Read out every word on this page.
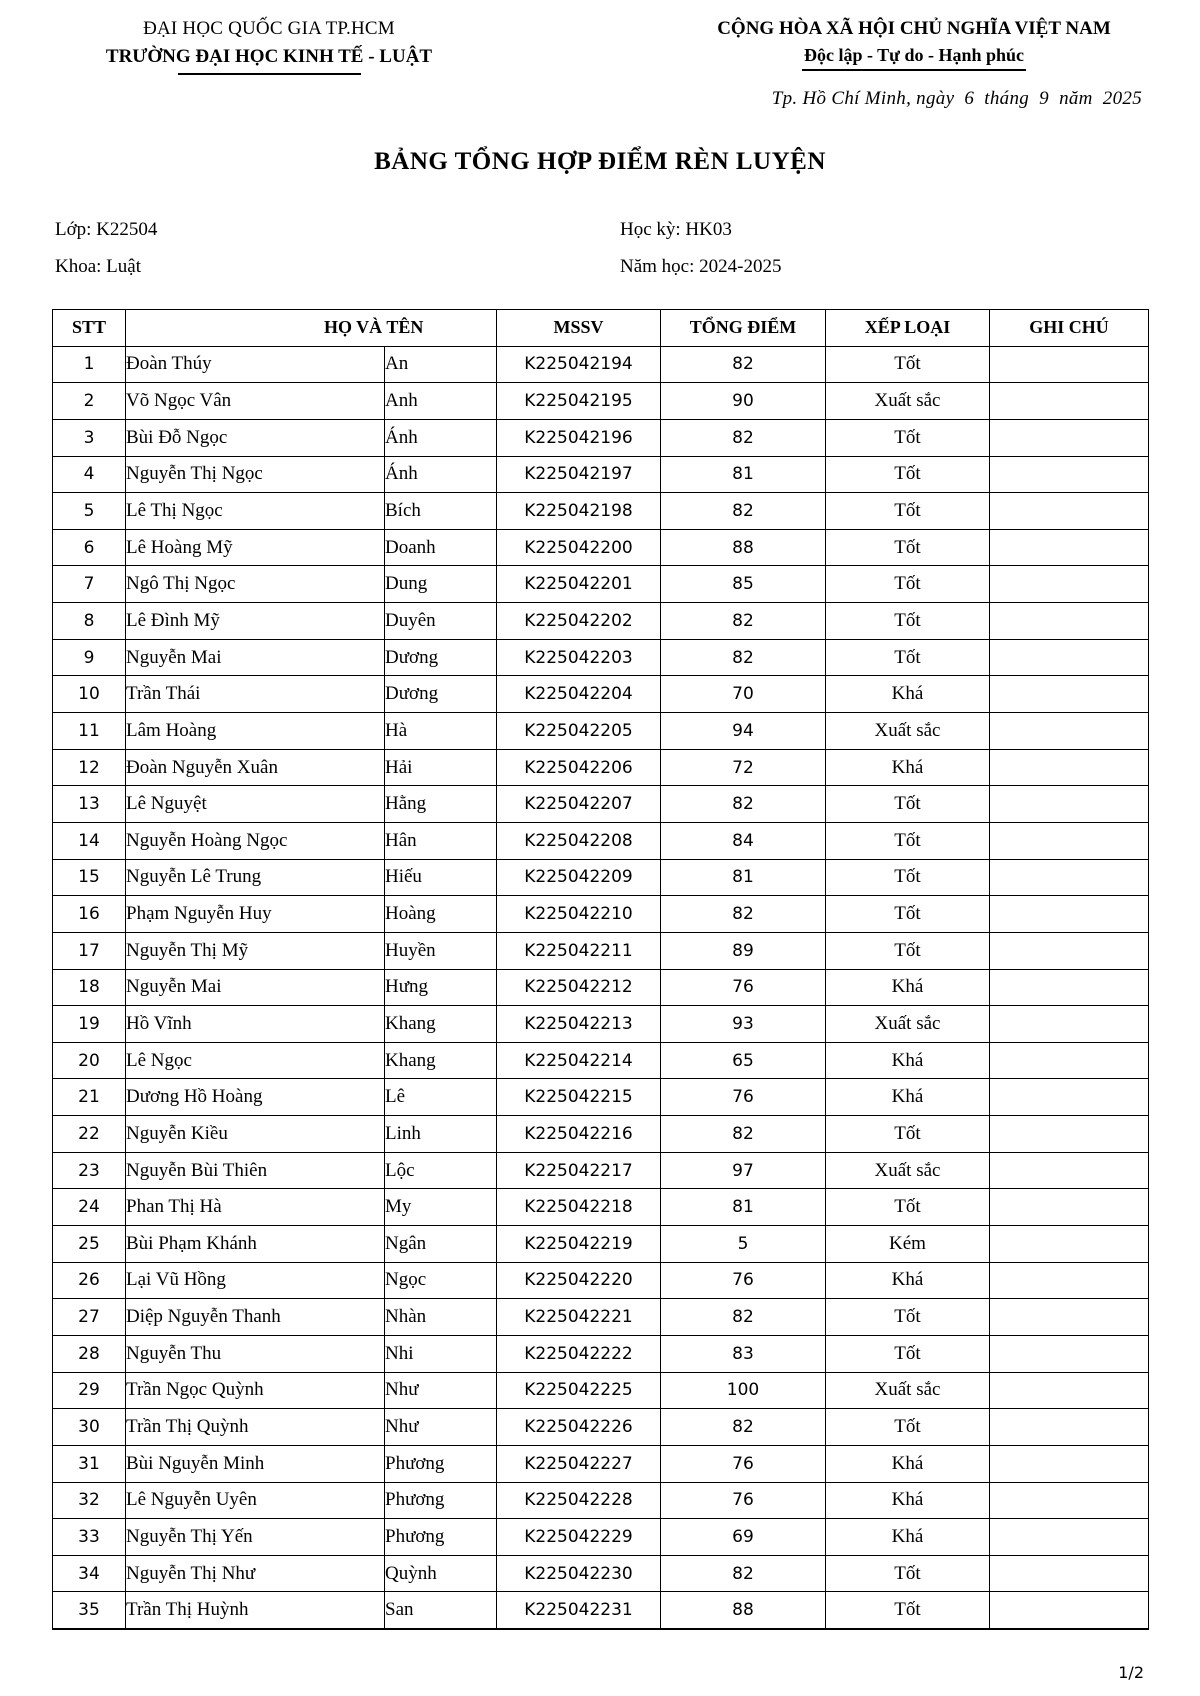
ĐẠI HỌC QUỐC GIA TP.HCM
TRƯỜNG ĐẠI HỌC KINH TẾ - LUẬT
CỘNG HÒA XÃ HỘI CHỦ NGHĨA VIỆT NAM
Độc lập - Tự do - Hạnh phúc
Tp. Hồ Chí Minh, ngày  6  tháng  9  năm  2025
BẢNG TỔNG HỢP ĐIỂM RÈN LUYỆN
Lớp: K22504
Khoa: Luật
Học kỳ: HK03
Năm học: 2024-2025
STT	HỌ VÀ TÊN		MSSV	TỔNG ĐIỂM	XẾP LOẠI	GHI CHÚ
1	Đoàn Thúy	An	K225042194	82	Tốt	
2	Võ Ngọc Vân	Anh	K225042195	90	Xuất sắc	
3	Bùi Đỗ Ngọc	Ánh	K225042196	82	Tốt	
4	Nguyễn Thị Ngọc	Ánh	K225042197	81	Tốt	
5	Lê Thị Ngọc	Bích	K225042198	82	Tốt	
6	Lê Hoàng Mỹ	Doanh	K225042200	88	Tốt	
7	Ngô Thị Ngọc	Dung	K225042201	85	Tốt	
8	Lê Đình Mỹ	Duyên	K225042202	82	Tốt	
9	Nguyễn Mai	Dương	K225042203	82	Tốt	
10	Trần Thái	Dương	K225042204	70	Khá	
11	Lâm Hoàng	Hà	K225042205	94	Xuất sắc	
12	Đoàn Nguyễn Xuân	Hải	K225042206	72	Khá	
13	Lê Nguyệt	Hằng	K225042207	82	Tốt	
14	Nguyễn Hoàng Ngọc	Hân	K225042208	84	Tốt	
15	Nguyễn Lê Trung	Hiếu	K225042209	81	Tốt	
16	Phạm Nguyễn Huy	Hoàng	K225042210	82	Tốt	
17	Nguyễn Thị Mỹ	Huyền	K225042211	89	Tốt	
18	Nguyễn Mai	Hưng	K225042212	76	Khá	
19	Hồ Vĩnh	Khang	K225042213	93	Xuất sắc	
20	Lê Ngọc	Khang	K225042214	65	Khá	
21	Dương Hồ Hoàng	Lê	K225042215	76	Khá	
22	Nguyễn Kiều	Linh	K225042216	82	Tốt	
23	Nguyễn Bùi Thiên	Lộc	K225042217	97	Xuất sắc	
24	Phan Thị Hà	My	K225042218	81	Tốt	
25	Bùi Phạm Khánh	Ngân	K225042219	5	Kém	
26	Lại Vũ Hồng	Ngọc	K225042220	76	Khá	
27	Diệp Nguyễn Thanh	Nhàn	K225042221	82	Tốt	
28	Nguyễn Thu	Nhi	K225042222	83	Tốt	
29	Trần Ngọc Quỳnh	Như	K225042225	100	Xuất sắc	
30	Trần Thị Quỳnh	Như	K225042226	82	Tốt	
31	Bùi Nguyễn Minh	Phương	K225042227	76	Khá	
32	Lê Nguyễn Uyên	Phương	K225042228	76	Khá	
33	Nguyễn Thị Yến	Phương	K225042229	69	Khá	
34	Nguyễn Thị Như	Quỳnh	K225042230	82	Tốt	
35	Trần Thị Huỳnh	San	K225042231	88	Tốt	
1/2
